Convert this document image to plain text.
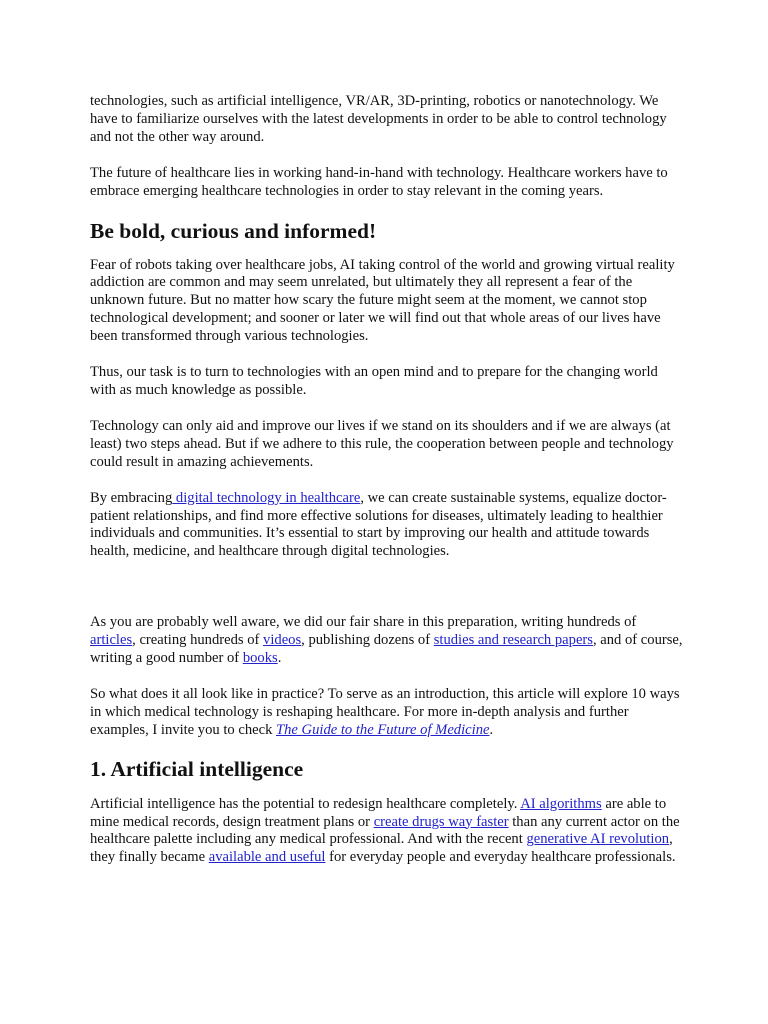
technologies, such as artificial intelligence, VR/AR, 3D-printing, robotics or nanotechnology. We have to familiarize ourselves with the latest developments in order to be able to control technology and not the other way around.

The future of healthcare lies in working hand-in-hand with technology. Healthcare workers have to embrace emerging healthcare technologies in order to stay relevant in the coming years.

Be bold, curious and informed!

Fear of robots taking over healthcare jobs, AI taking control of the world and growing virtual reality addiction are common and may seem unrelated, but ultimately they all represent a fear of the unknown future. But no matter how scary the future might seem at the moment, we cannot stop technological development; and sooner or later we will find out that whole areas of our lives have been transformed through various technologies.

Thus, our task is to turn to technologies with an open mind and to prepare for the changing world with as much knowledge as possible.

Technology can only aid and improve our lives if we stand on its shoulders and if we are always (at least) two steps ahead. But if we adhere to this rule, the cooperation between people and technology could result in amazing achievements.

By embracing digital technology in healthcare, we can create sustainable systems, equalize doctor-patient relationships, and find more effective solutions for diseases, ultimately leading to healthier individuals and communities. It’s essential to start by improving our health and attitude towards health, medicine, and healthcare through digital technologies.

As you are probably well aware, we did our fair share in this preparation, writing hundreds of articles, creating hundreds of videos, publishing dozens of studies and research papers, and of course, writing a good number of books.

So what does it all look like in practice? To serve as an introduction, this article will explore 10 ways in which medical technology is reshaping healthcare. For more in-depth analysis and further examples, I invite you to check The Guide to the Future of Medicine.

1. Artificial intelligence

Artificial intelligence has the potential to redesign healthcare completely. AI algorithms are able to mine medical records, design treatment plans or create drugs way faster than any current actor on the healthcare palette including any medical professional. And with the recent generative AI revolution, they finally became available and useful for everyday people and everyday healthcare professionals.
